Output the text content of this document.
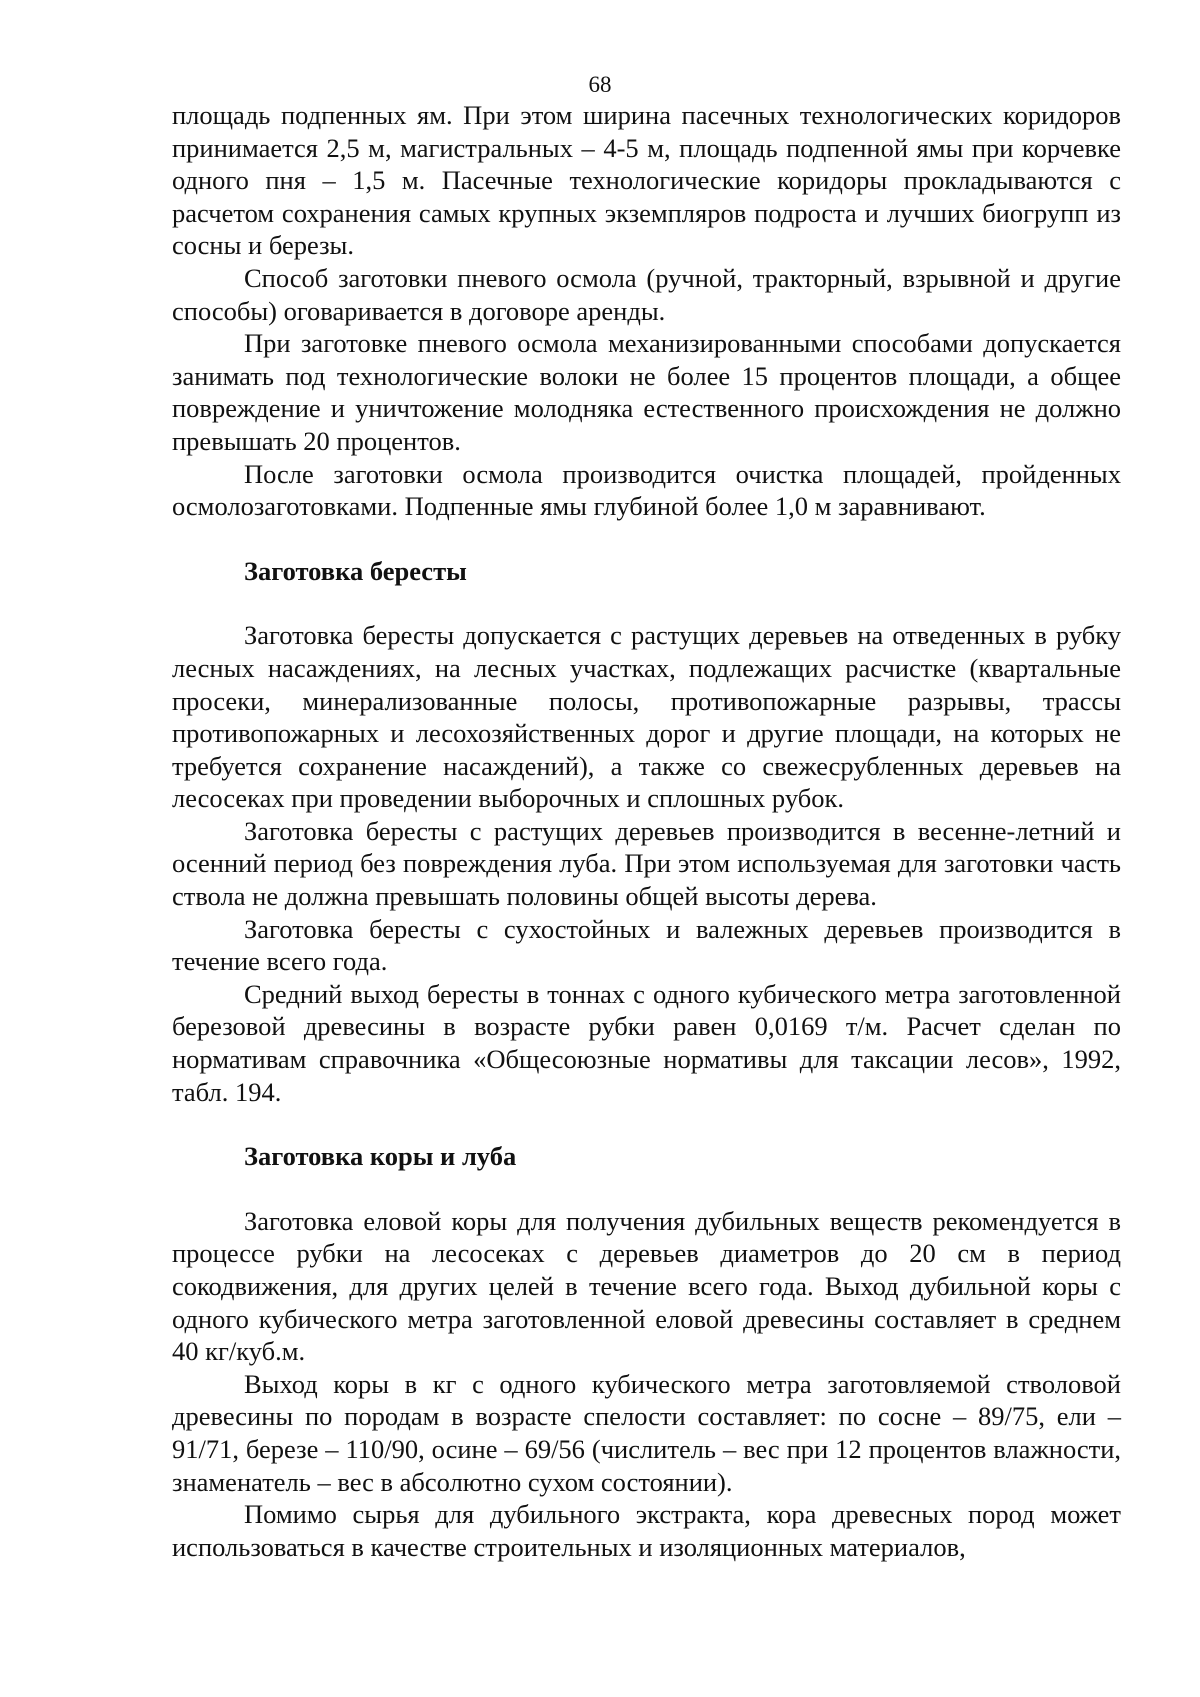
68

площадь подпенных ям. При этом ширина пасечных технологических коридоров принимается 2,5 м, магистральных – 4-5 м, площадь подпенной ямы при корчевке одного пня – 1,5 м. Пасечные технологические коридоры прокладываются с расчетом сохранения самых крупных экземпляров подроста и лучших биогрупп из сосны и березы.

Способ заготовки пневого осмола (ручной, тракторный, взрывной и другие способы) оговаривается в договоре аренды.

При заготовке пневого осмола механизированными способами допускается занимать под технологические волоки не более 15 процентов площади, а общее повреждение и уничтожение молодняка естественного происхождения не должно превышать 20 процентов.

После заготовки осмола производится очистка площадей, пройденных осмолозаготовками. Подпенные ямы глубиной более 1,0 м заравнивают.

Заготовка бересты

Заготовка бересты допускается с растущих деревьев на отведенных в рубку лесных насаждениях, на лесных участках, подлежащих расчистке (квартальные просеки, минерализованные полосы, противопожарные разрывы, трассы противопожарных и лесохозяйственных дорог и другие площади, на которых не требуется сохранение насаждений), а также со свежесрубленных деревьев на лесосеках при проведении выборочных и сплошных рубок.

Заготовка бересты с растущих деревьев производится в весенне-летний и осенний период без повреждения луба. При этом используемая для заготовки часть ствола не должна превышать половины общей высоты дерева.

Заготовка бересты с сухостойных и валежных деревьев производится в течение всего года.

Средний выход бересты в тоннах с одного кубического метра заготовленной березовой древесины в возрасте рубки равен 0,0169 т/м. Расчет сделан по нормативам справочника «Общесоюзные нормативы для таксации лесов», 1992, табл. 194.

Заготовка коры и луба

Заготовка еловой коры для получения дубильных веществ рекомендуется в процессе рубки на лесосеках с деревьев диаметров до 20 см в период сокодвижения, для других целей в течение всего года. Выход дубильной коры с одного кубического метра заготовленной еловой древесины составляет в среднем 40 кг/куб.м.

Выход коры в кг с одного кубического метра заготовляемой стволовой древесины по породам в возрасте спелости составляет: по сосне – 89/75, ели – 91/71, березе – 110/90, осине – 69/56 (числитель – вес при 12 процентов влажности, знаменатель – вес в абсолютно сухом состоянии).

Помимо сырья для дубильного экстракта, кора древесных пород может использоваться в качестве строительных и изоляционных материалов,
